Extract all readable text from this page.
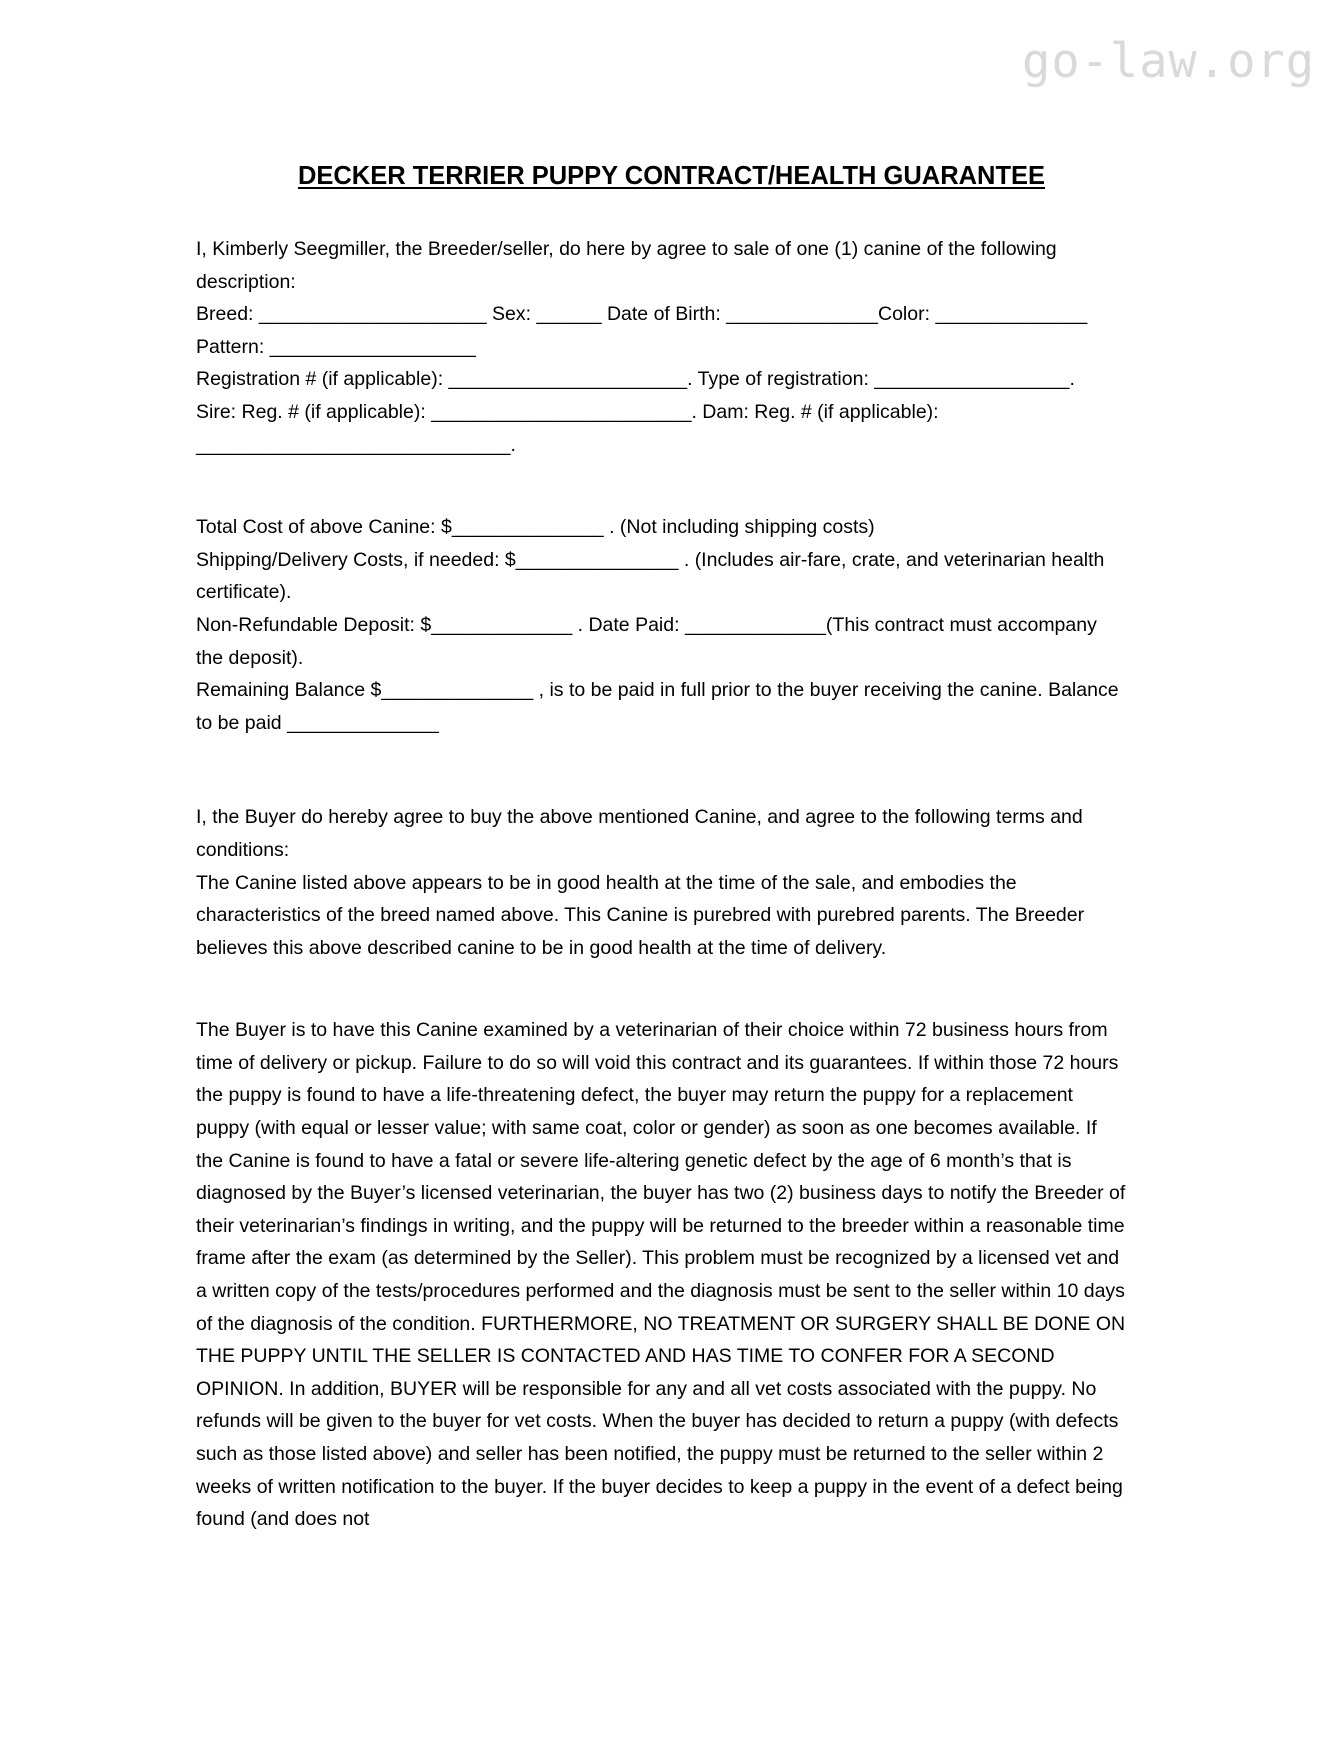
go-law.org
DECKER TERRIER PUPPY CONTRACT/HEALTH GUARANTEE

I, Kimberly Seegmiller, the Breeder/seller, do here by agree to sale of one (1) canine of the following description:

Breed: _____________________ Sex: ______ Date of Birth: ______________Color: ______________ Pattern: ___________________

Registration # (if applicable): ______________________. Type of registration: __________________.

Sire: Reg. # (if applicable): ________________________. Dam: Reg. # (if applicable): _____________________________.

Total Cost of above Canine: $______________ . (Not including shipping costs)

Shipping/Delivery Costs, if needed: $_______________ . (Includes air-fare, crate, and veterinarian health certificate).

Non-Refundable Deposit: $_____________ . Date Paid: _____________(This contract must accompany the deposit).

Remaining Balance $______________ , is to be paid in full prior to the buyer receiving the canine. Balance to be paid ______________

I, the Buyer do hereby agree to buy the above mentioned Canine, and agree to the following terms and conditions:

The Canine listed above appears to be in good health at the time of the sale, and embodies the characteristics of the breed named above. This Canine is purebred with purebred parents. The Breeder believes this above described canine to be in good health at the time of delivery.

The Buyer is to have this Canine examined by a veterinarian of their choice within 72 business hours from time of delivery or pickup. Failure to do so will void this contract and its guarantees. If within those 72 hours the puppy is found to have a life-threatening defect, the buyer may return the puppy for a replacement puppy (with equal or lesser value; with same coat, color or gender) as soon as one becomes available. If the Canine is found to have a fatal or severe life-altering genetic defect by the age of 6 month’s that is diagnosed by the Buyer’s licensed veterinarian, the buyer has two (2) business days to notify the Breeder of their veterinarian’s findings in writing, and the puppy will be returned to the breeder within a reasonable time frame after the exam (as determined by the Seller). This problem must be recognized by a licensed vet and a written copy of the tests/procedures performed and the diagnosis must be sent to the seller within 10 days of the diagnosis of the condition. FURTHERMORE, NO TREATMENT OR SURGERY SHALL BE DONE ON THE PUPPY UNTIL THE SELLER IS CONTACTED AND HAS TIME TO CONFER FOR A SECOND OPINION. In addition, BUYER will be responsible for any and all vet costs associated with the puppy. No refunds will be given to the buyer for vet costs. When the buyer has decided to return a puppy (with defects such as those listed above) and seller has been notified, the puppy must be returned to the seller within 2 weeks of written notification to the buyer. If the buyer decides to keep a puppy in the event of a defect being found (and does not
